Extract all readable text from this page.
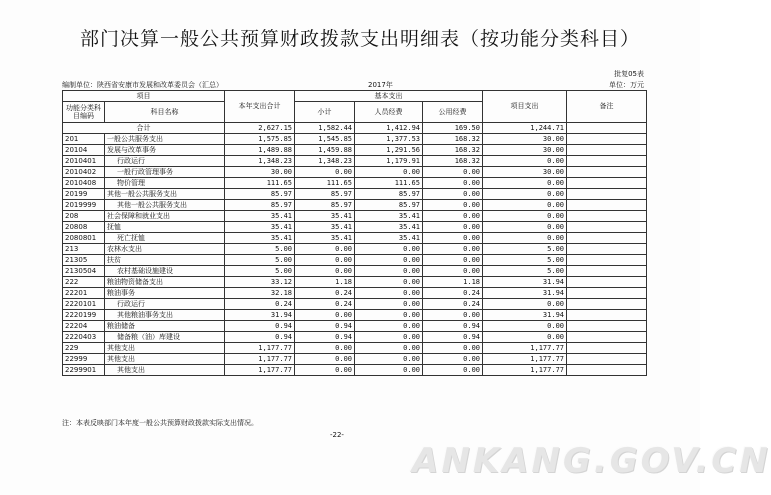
部门决算一般公共预算财政拨款支出明细表（按功能分类科目）
批复05表
编制单位：陕西省安康市发展和改革委员会（汇总）	2017年	单位：万元
项目		本年支出合计	基本支出			项目支出	备注
功能分类科目编码	科目名称		小计	人员经费	公用经费		
合计		2,627.15	1,582.44	1,412.94	169.50	1,244.71	
201	一般公共服务支出	1,575.85	1,545.85	1,377.53	168.32	30.00	
20104	发展与改革事务	1,489.88	1,459.88	1,291.56	168.32	30.00	
2010401	行政运行	1,348.23	1,348.23	1,179.91	168.32	0.00	
2010402	一般行政管理事务	30.00	0.00	0.00	0.00	30.00	
2010408	物价管理	111.65	111.65	111.65	0.00	0.00	
20199	其他一般公共服务支出	85.97	85.97	85.97	0.00	0.00	
2019999	其他一般公共服务支出	85.97	85.97	85.97	0.00	0.00	
208	社会保障和就业支出	35.41	35.41	35.41	0.00	0.00	
20808	抚恤	35.41	35.41	35.41	0.00	0.00	
2080801	死亡抚恤	35.41	35.41	35.41	0.00	0.00	
213	农林水支出	5.00	0.00	0.00	0.00	5.00	
21305	扶贫	5.00	0.00	0.00	0.00	5.00	
2130504	农村基础设施建设	5.00	0.00	0.00	0.00	5.00	
222	粮油物资储备支出	33.12	1.18	0.00	1.18	31.94	
22201	粮油事务	32.18	0.24	0.00	0.24	31.94	
2220101	行政运行	0.24	0.24	0.00	0.24	0.00	
2220199	其他粮油事务支出	31.94	0.00	0.00	0.00	31.94	
22204	粮油储备	0.94	0.94	0.00	0.94	0.00	
2220403	储备粮（油）库建设	0.94	0.94	0.00	0.94	0.00	
229	其他支出	1,177.77	0.00	0.00	0.00	1,177.77	
22999	其他支出	1,177.77	0.00	0.00	0.00	1,177.77	
2299901	其他支出	1,177.77	0.00	0.00	0.00	1,177.77	
注：本表反映部门本年度一般公共预算财政拨款实际支出情况。
-22-
ANKANG.GOV.CN
